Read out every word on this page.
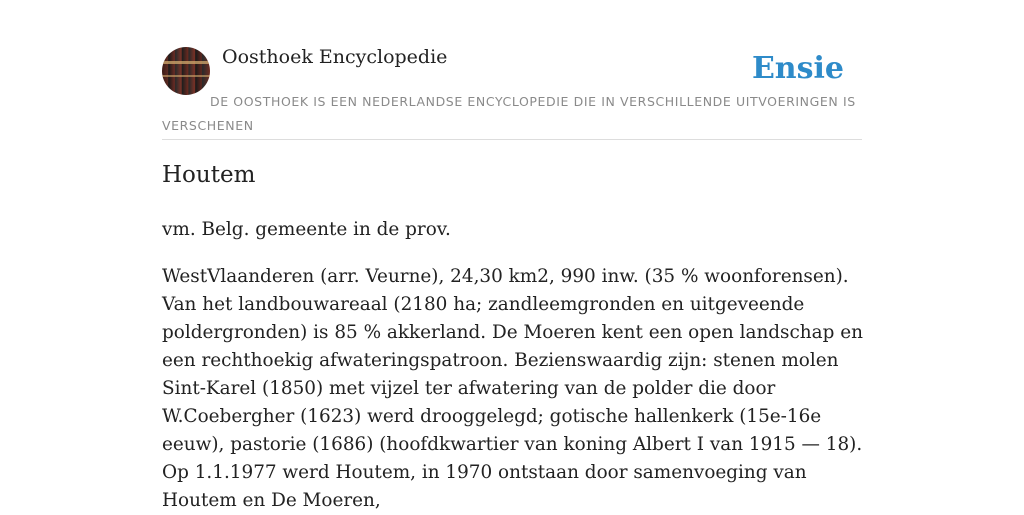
Oosthoek Encyclopedie	Ensie
DE OOSTHOEK IS EEN NEDERLANDSE ENCYCLOPEDIE DIE IN VERSCHILLENDE UITVOERINGEN IS VERSCHENEN
Houtem

vm. Belg. gemeente in de prov.

WestVlaanderen (arr. Veurne), 24,30 km2, 990 inw. (35 % woonforensen). Van het landbouwareaal (2180 ha; zandleemgronden en uitgeveende poldergronden) is 85 % akkerland. De Moeren kent een open landschap en een rechthoekig afwateringspatroon. Bezienswaardig zijn: stenen molen Sint-Karel (1850) met vijzel ter afwatering van de polder die door W.Coebergher (1623) werd drooggelegd; gotische hallenkerk (15e-16e eeuw), pastorie (1686) (hoofdkwartier van koning Albert I van 1915 — 18). Op 1.1.1977 werd Houtem, in 1970 ontstaan door samenvoeging van Houtem en De Moeren,
